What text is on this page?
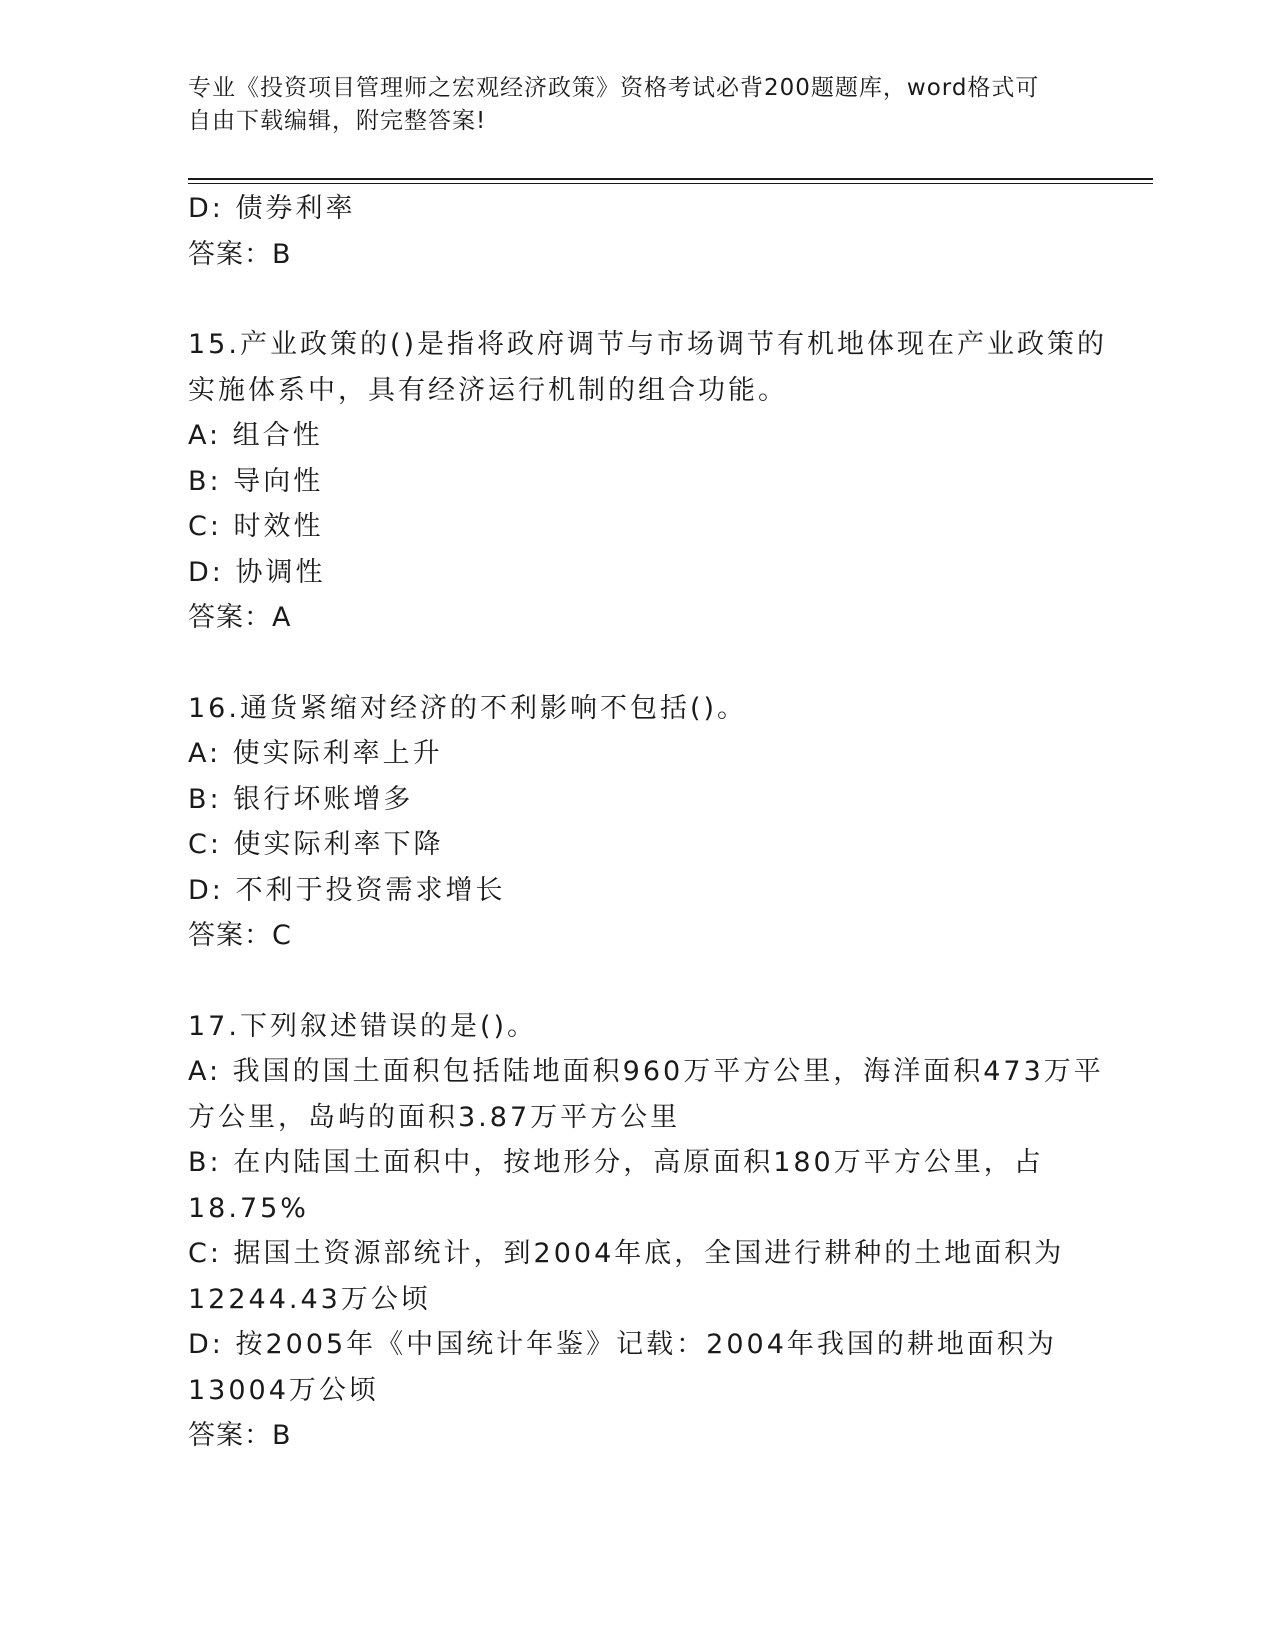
专业《投资项目管理师之宏观经济政策》资格考试必背200题题库，word格式可
自由下载编辑，附完整答案!
D: 债券利率
答案：B
15.产业政策的()是指将政府调节与市场调节有机地体现在产业政策的
实施体系中，具有经济运行机制的组合功能。
A: 组合性
B: 导向性
C: 时效性
D: 协调性
答案：A
16.通货紧缩对经济的不利影响不包括()。
A: 使实际利率上升
B: 银行坏账增多
C: 使实际利率下降
D: 不利于投资需求增长
答案：C
17.下列叙述错误的是()。
A: 我国的国土面积包括陆地面积960万平方公里，海洋面积473万平
方公里，岛屿的面积3.87万平方公里
B: 在内陆国土面积中，按地形分，高原面积180万平方公里，占
18.75%
C: 据国土资源部统计，到2004年底，全国进行耕种的土地面积为
12244.43万公顷
D: 按2005年《中国统计年鉴》记载：2004年我国的耕地面积为
13004万公顷
答案：B
